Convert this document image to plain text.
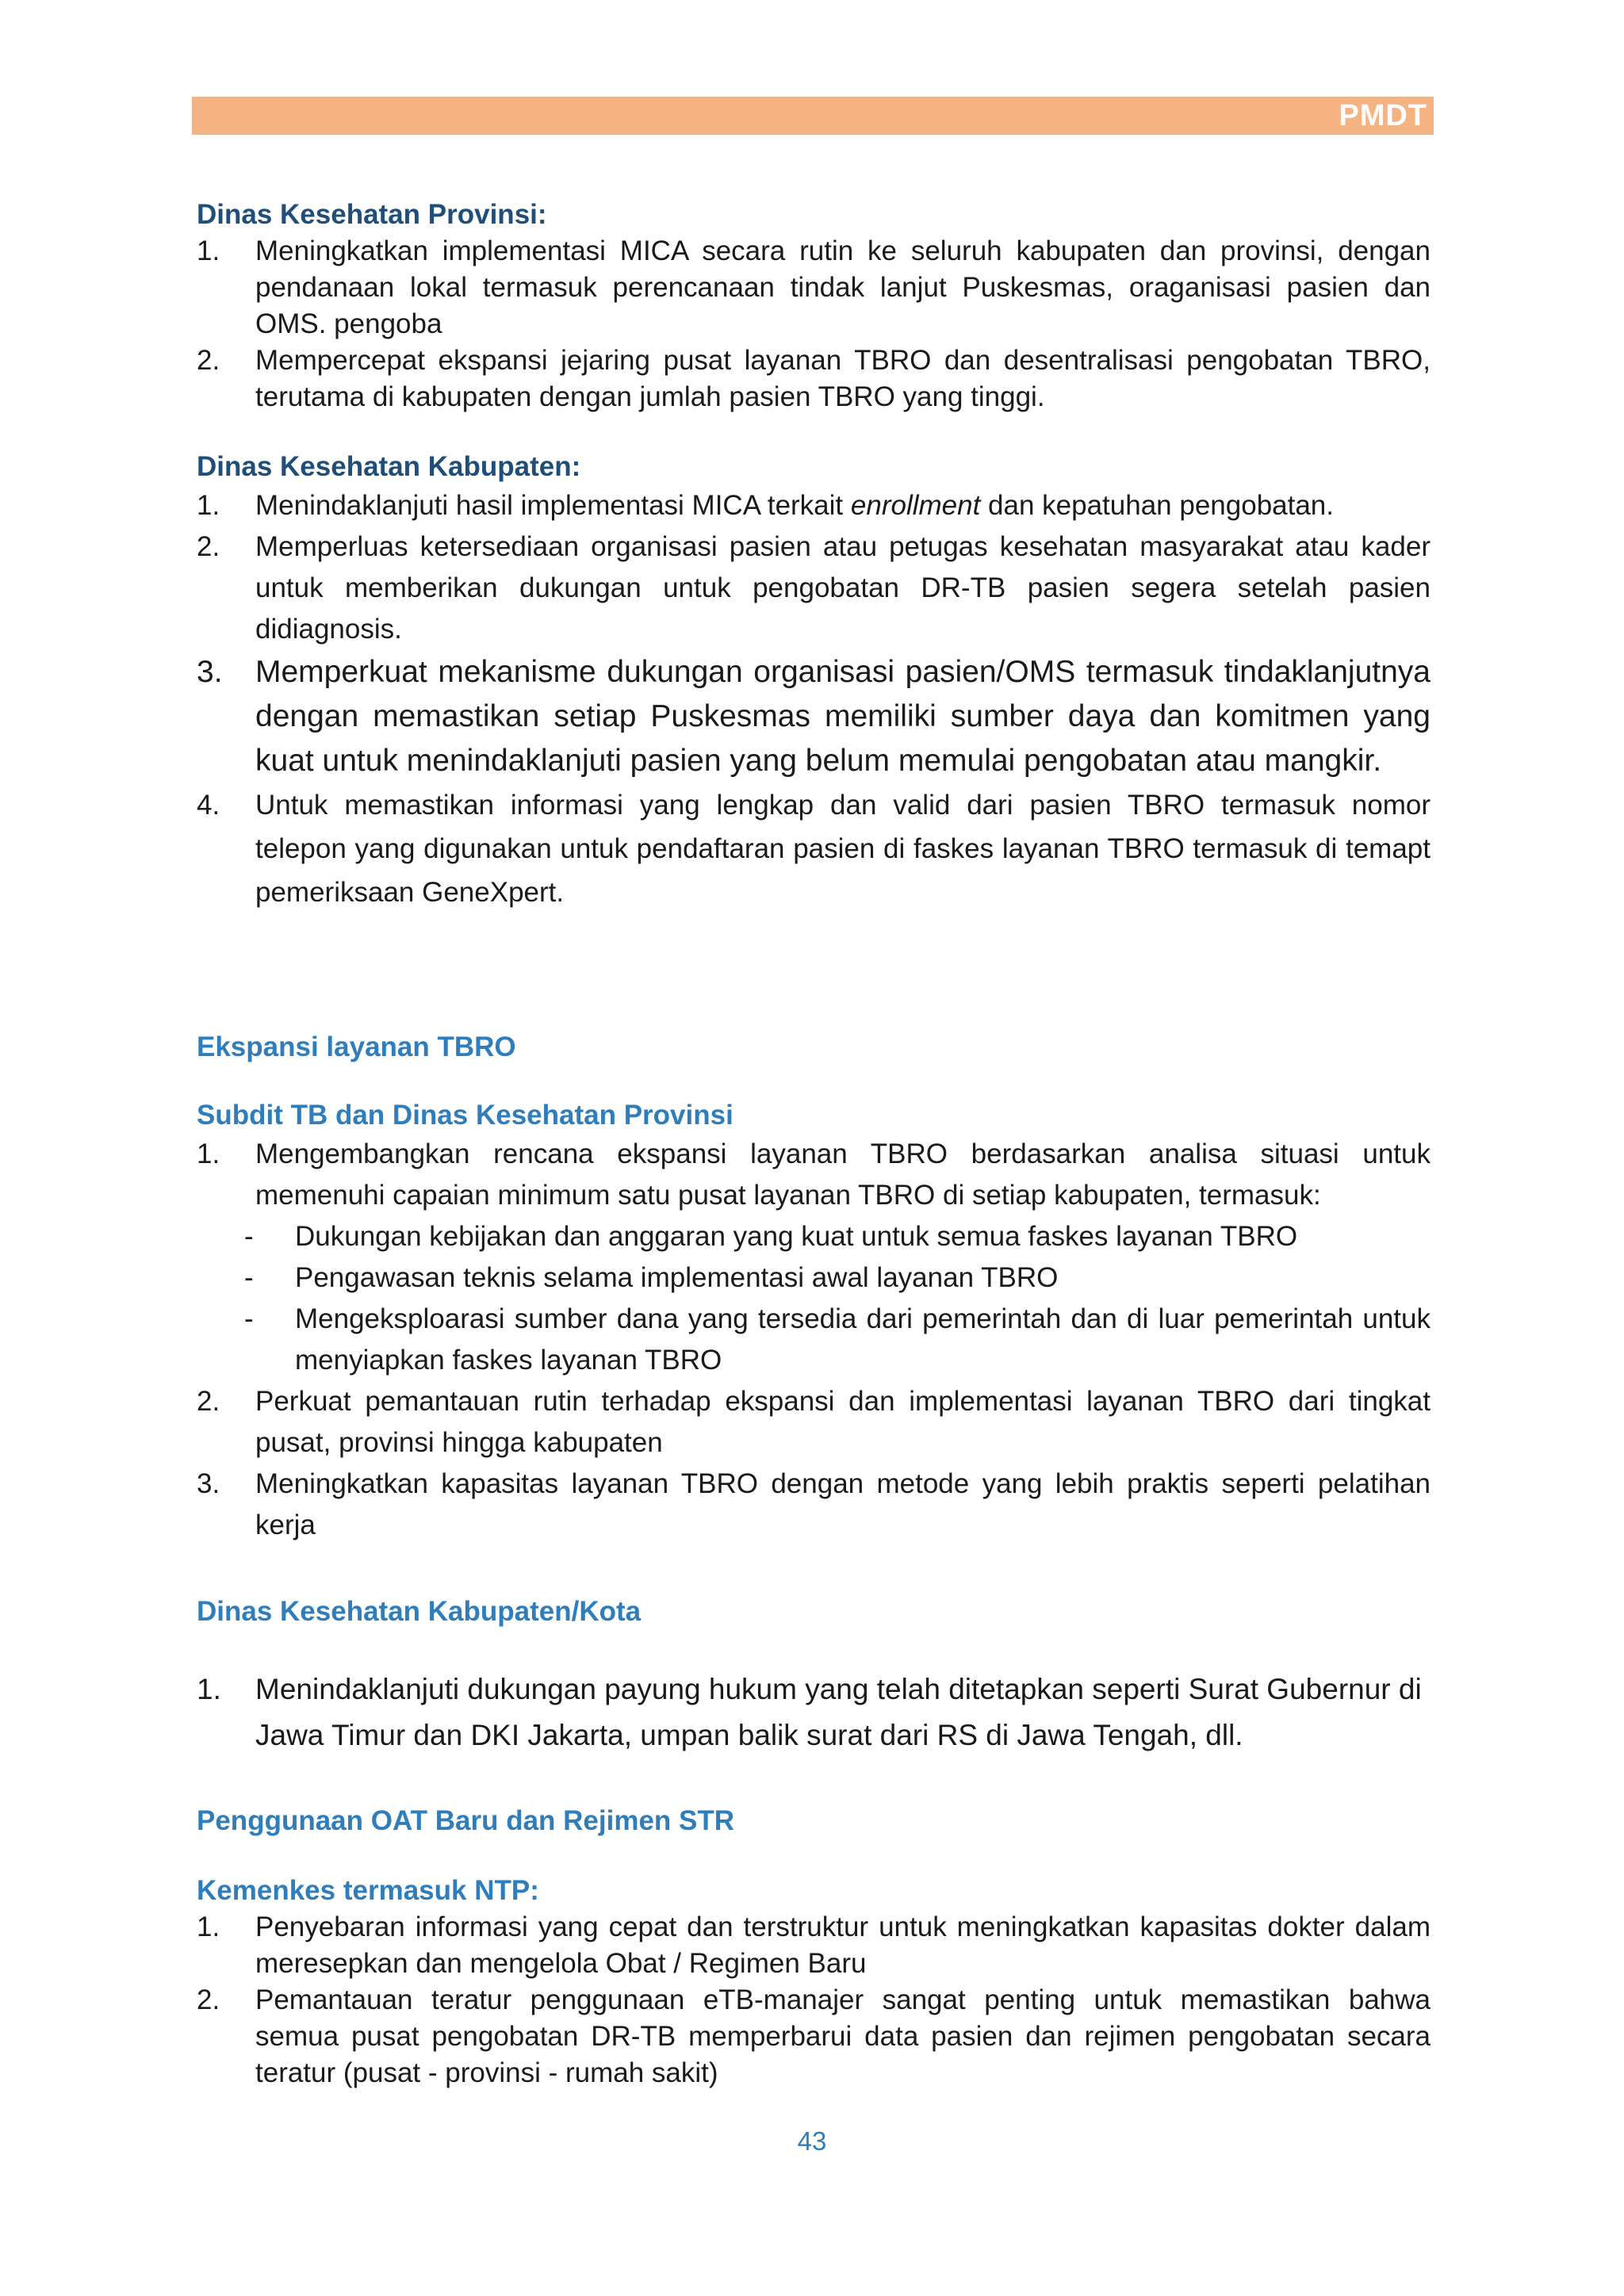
PMDT

Dinas Kesehatan Provinsi:

1. Meningkatkan implementasi MICA secara rutin ke seluruh kabupaten dan provinsi, dengan pendanaan lokal termasuk perencanaan tindak lanjut Puskesmas, oraganisasi pasien dan OMS. pengoba
2. Mempercepat ekspansi jejaring pusat layanan TBRO dan desentralisasi pengobatan TBRO, terutama di kabupaten dengan jumlah pasien TBRO yang tinggi.

Dinas Kesehatan Kabupaten:

1. Menindaklanjuti hasil implementasi MICA terkait enrollment dan kepatuhan pengobatan.
2. Memperluas ketersediaan organisasi pasien atau petugas kesehatan masyarakat atau kader untuk memberikan dukungan untuk pengobatan DR-TB pasien segera setelah pasien didiagnosis.
3. Memperkuat mekanisme dukungan organisasi pasien/OMS termasuk tindaklanjutnya dengan memastikan setiap Puskesmas memiliki sumber daya dan komitmen yang kuat untuk menindaklanjuti pasien yang belum memulai pengobatan atau mangkir.
4. Untuk memastikan informasi yang lengkap dan valid dari pasien TBRO termasuk nomor telepon yang digunakan untuk pendaftaran pasien di faskes layanan TBRO termasuk di temapt pemeriksaan GeneXpert.

Ekspansi layanan TBRO

Subdit TB dan Dinas Kesehatan Provinsi

1. Mengembangkan rencana ekspansi layanan TBRO berdasarkan analisa situasi untuk memenuhi capaian minimum satu pusat layanan TBRO di setiap kabupaten, termasuk:
- Dukungan kebijakan dan anggaran yang kuat untuk semua faskes layanan TBRO
- Pengawasan teknis selama implementasi awal layanan TBRO
- Mengeksploarasi sumber dana yang tersedia dari pemerintah dan di luar pemerintah untuk menyiapkan faskes layanan TBRO
2. Perkuat pemantauan rutin terhadap ekspansi dan implementasi layanan TBRO dari tingkat pusat, provinsi hingga kabupaten
3. Meningkatkan kapasitas layanan TBRO dengan metode yang lebih praktis seperti pelatihan kerja

Dinas Kesehatan Kabupaten/Kota

1. Menindaklanjuti dukungan payung hukum yang telah ditetapkan seperti Surat Gubernur di Jawa Timur dan DKI Jakarta, umpan balik surat dari RS di Jawa Tengah, dll.

Penggunaan OAT Baru dan Rejimen STR

Kemenkes termasuk NTP:

1. Penyebaran informasi yang cepat dan terstruktur untuk meningkatkan kapasitas dokter dalam meresepkan dan mengelola Obat / Regimen Baru
2. Pemantauan teratur penggunaan eTB-manajer sangat penting untuk memastikan bahwa semua pusat pengobatan DR-TB memperbarui data pasien dan rejimen pengobatan secara teratur (pusat - provinsi - rumah sakit)
43
